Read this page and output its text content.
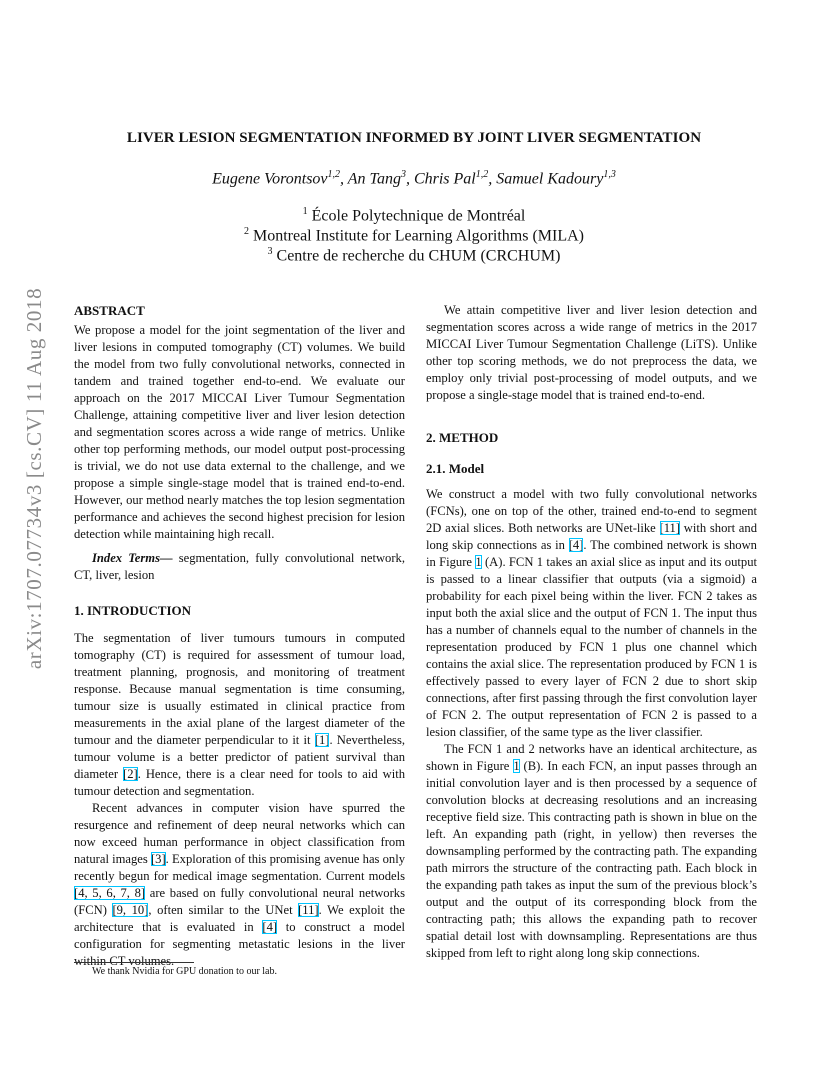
arXiv:1707.07734v3 [cs.CV] 11 Aug 2018
LIVER LESION SEGMENTATION INFORMED BY JOINT LIVER SEGMENTATION
Eugene Vorontsov$^{1,2}$, An Tang$^3$, Chris Pal$^{1,2}$, Samuel Kadoury$^{1,3}$
$^1$ École Polytechnique de Montréal
$^2$ Montreal Institute for Learning Algorithms (MILA)
$^3$ Centre de recherche du CHUM (CRCHUM)

ABSTRACT

We propose a model for the joint segmentation of the liver and liver lesions in computed tomography (CT) volumes. We build the model from two fully convolutional networks, connected in tandem and trained together end-to-end. We evaluate our approach on the 2017 MICCAI Liver Tumour Segmentation Challenge, attaining competitive liver and liver lesion detection and segmentation scores across a wide range of metrics. Unlike other top performing methods, our model output post-processing is trivial, we do not use data external to the challenge, and we propose a simple single-stage model that is trained end-to-end. However, our method nearly matches the top lesion segmentation performance and achieves the second highest precision for lesion detection while maintaining high recall.

Index Terms— segmentation, fully convolutional network, CT, liver, lesion

1. INTRODUCTION

The segmentation of liver tumours tumours in computed tomography (CT) is required for assessment of tumour load, treatment planning, prognosis, and monitoring of treatment response. Because manual segmentation is time consuming, tumour size is usually estimated in clinical practice from measurements in the axial plane of the largest diameter of the tumour and the diameter perpendicular to it it [1]. Nevertheless, tumour volume is a better predictor of patient survival than diameter [2]. Hence, there is a clear need for tools to aid with tumour detection and segmentation.

Recent advances in computer vision have spurred the resurgence and refinement of deep neural networks which can now exceed human performance in object classification from natural images [3]. Exploration of this promising avenue has only recently begun for medical image segmentation. Current models [4, 5, 6, 7, 8] are based on fully convolutional neural networks (FCN) [9, 10], often similar to the UNet [11]. We exploit the architecture that is evaluated in [4] to construct a model configuration for segmenting metastatic lesions in the liver within CT volumes.

We thank Nvidia for GPU donation to our lab.

We attain competitive liver and liver lesion detection and segmentation scores across a wide range of metrics in the 2017 MICCAI Liver Tumour Segmentation Challenge (LiTS). Unlike other top scoring methods, we do not preprocess the data, we employ only trivial post-processing of model outputs, and we propose a single-stage model that is trained end-to-end.

2. METHOD

2.1. Model

We construct a model with two fully convolutional networks (FCNs), one on top of the other, trained end-to-end to segment 2D axial slices. Both networks are UNet-like [11] with short and long skip connections as in [4]. The combined network is shown in Figure 1 (A). FCN 1 takes an axial slice as input and its output is passed to a linear classifier that outputs (via a sigmoid) a probability for each pixel being within the liver. FCN 2 takes as input both the axial slice and the output of FCN 1. The input thus has a number of channels equal to the number of channels in the representation produced by FCN 1 plus one channel which contains the axial slice. The representation produced by FCN 1 is effectively passed to every layer of FCN 2 due to short skip connections, after first passing through the first convolution layer of FCN 2. The output representation of FCN 2 is passed to a lesion classifier, of the same type as the liver classifier.

The FCN 1 and 2 networks have an identical architecture, as shown in Figure 1 (B). In each FCN, an input passes through an initial convolution layer and is then processed by a sequence of convolution blocks at decreasing resolutions and an increasing receptive field size. This contracting path is shown in blue on the left. An expanding path (right, in yellow) then reverses the downsampling performed by the contracting path. The expanding path mirrors the structure of the contracting path. Each block in the expanding path takes as input the sum of the previous block’s output and the output of its corresponding block from the contracting path; this allows the expanding path to recover spatial detail lost with downsampling. Representations are thus skipped from left to right along long skip connections.
